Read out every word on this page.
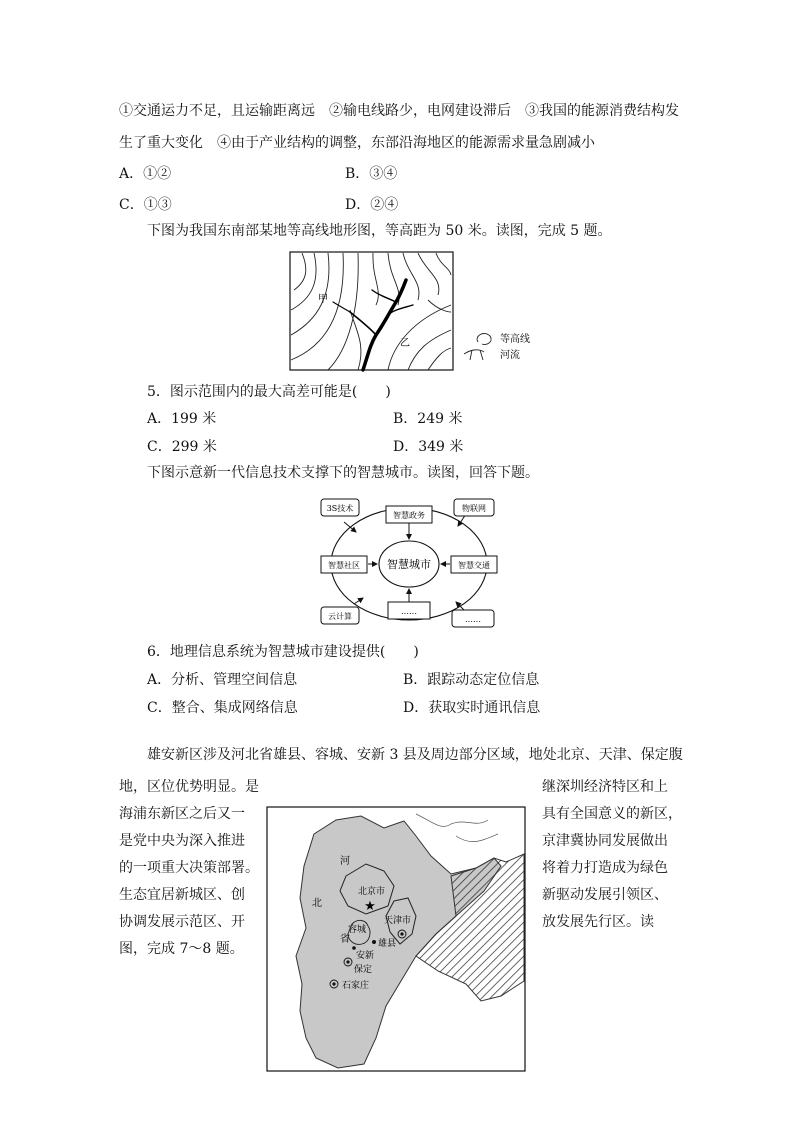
①交通运力不足，且运输距离远　②输电线路少，电网建设滞后　③我国的能源消费结构发
生了重大变化　④由于产业结构的调整，东部沿海地区的能源需求量急剧减小
A．①②	B．③④
C．①③	D．②④
下图为我国东南部某地等高线地形图，等高距为 50 米。读图，完成 5 题。
甲
乙	等高线
河流
5．图示范围内的最大高差可能是(　　)
A．199 米	B．249 米
C．299 米	D．349 米
下图示意新一代信息技术支撑下的智慧城市。读图，回答下题。
智慧城市
智慧政务
智慧社区	智慧交通
……
3S技术	物联网
云计算	……
6．地理信息系统为智慧城市建设提供(　　)
A．分析、管理空间信息	B．跟踪动态定位信息
C．整合、集成网络信息	D．获取实时通讯信息
雄安新区涉及河北省雄县、容城、安新 3 县及周边部分区域，地处北京、天津、保定腹
地，区位优势明显。是
海浦东新区之后又一
是党中央为深入推进
的一项重大决策部署。
生态宜居新城区、创
协调发展示范区、开
图，完成 7～8 题。
继深圳经济特区和上
具有全国意义的新区，
京津冀协同发展做出
将着力打造成为绿色
新驱动发展引领区、
放发展先行区。读
河
北
省
北京市
★
天津市
容城
雄县
安新
保定
石家庄
